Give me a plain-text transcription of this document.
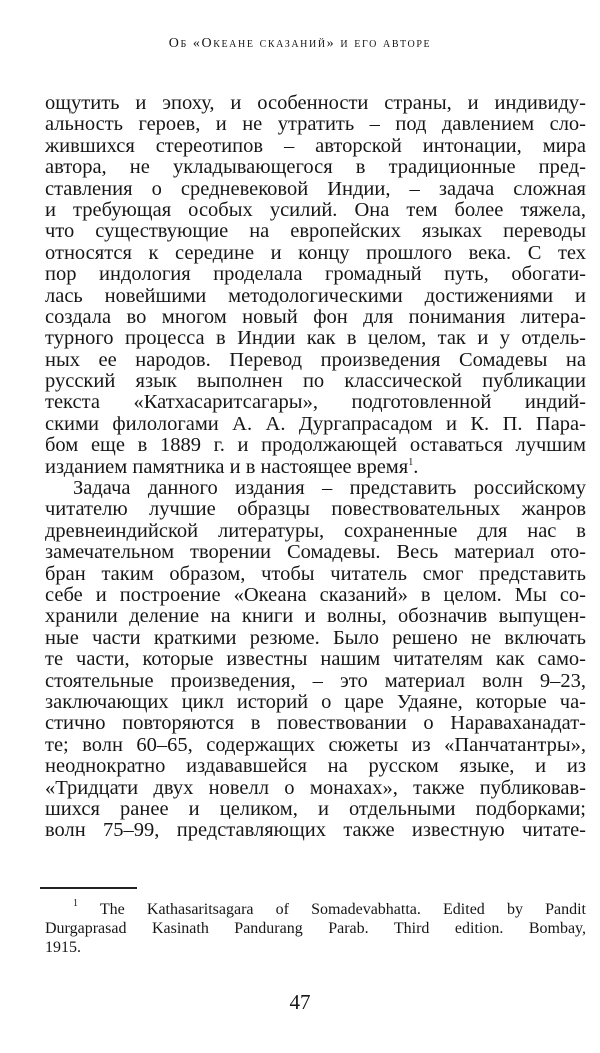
Об «Океане сказаний» и его авторе
ощутить и эпоху, и особенности страны, и индивиду-
альность героев, и не утратить – под давлением сло-
жившихся стереотипов – авторской интонации, мира
автора, не укладывающегося в традиционные пред-
ставления о средневековой Индии, – задача сложная
и требующая особых усилий. Она тем более тяжела,
что существующие на европейских языках переводы
относятся к середине и концу прошлого века. С тех
пор индология проделала громадный путь, обогати-
лась новейшими методологическими достижениями и
создала во многом новый фон для понимания литера-
турного процесса в Индии как в целом, так и у отдель-
ных ее народов. Перевод произведения Сомадевы на
русский язык выполнен по классической публикации
текста «Катхасаритсагары», подготовленной индий-
скими филологами А. А. Дургапрасадом и К. П. Пара-
бом еще в 1889 г. и продолжающей оставаться лучшим
изданием памятника и в настоящее время$^1$.
Задача данного издания – представить российскому
читателю лучшие образцы повествовательных жанров
древнеиндийской литературы, сохраненные для нас в
замечательном творении Сомадевы. Весь материал ото-
бран таким образом, чтобы читатель смог представить
себе и построение «Океана сказаний» в целом. Мы со-
хранили деление на книги и волны, обозначив выпущен-
ные части краткими резюме. Было решено не включать
те части, которые известны нашим читателям как само-
стоятельные произведения, – это материал волн 9–23,
заключающих цикл историй о царе Удаяне, которые ча-
стично повторяются в повествовании о Нараваханадат-
те; волн 60–65, содержащих сюжеты из «Панчатантры»,
неоднократно издававшейся на русском языке, и из
«Тридцати двух новелл о монахах», также публиковав-
шихся ранее и целиком, и отдельными подборками;
волн 75–99, представляющих также известную читате-
$^1$ The Kathasaritsagara of Somadevabhatta. Edited by Pandit
Durgaprasad Kasinath Pandurang Parab. Third edition. Bombay,
1915.
47
